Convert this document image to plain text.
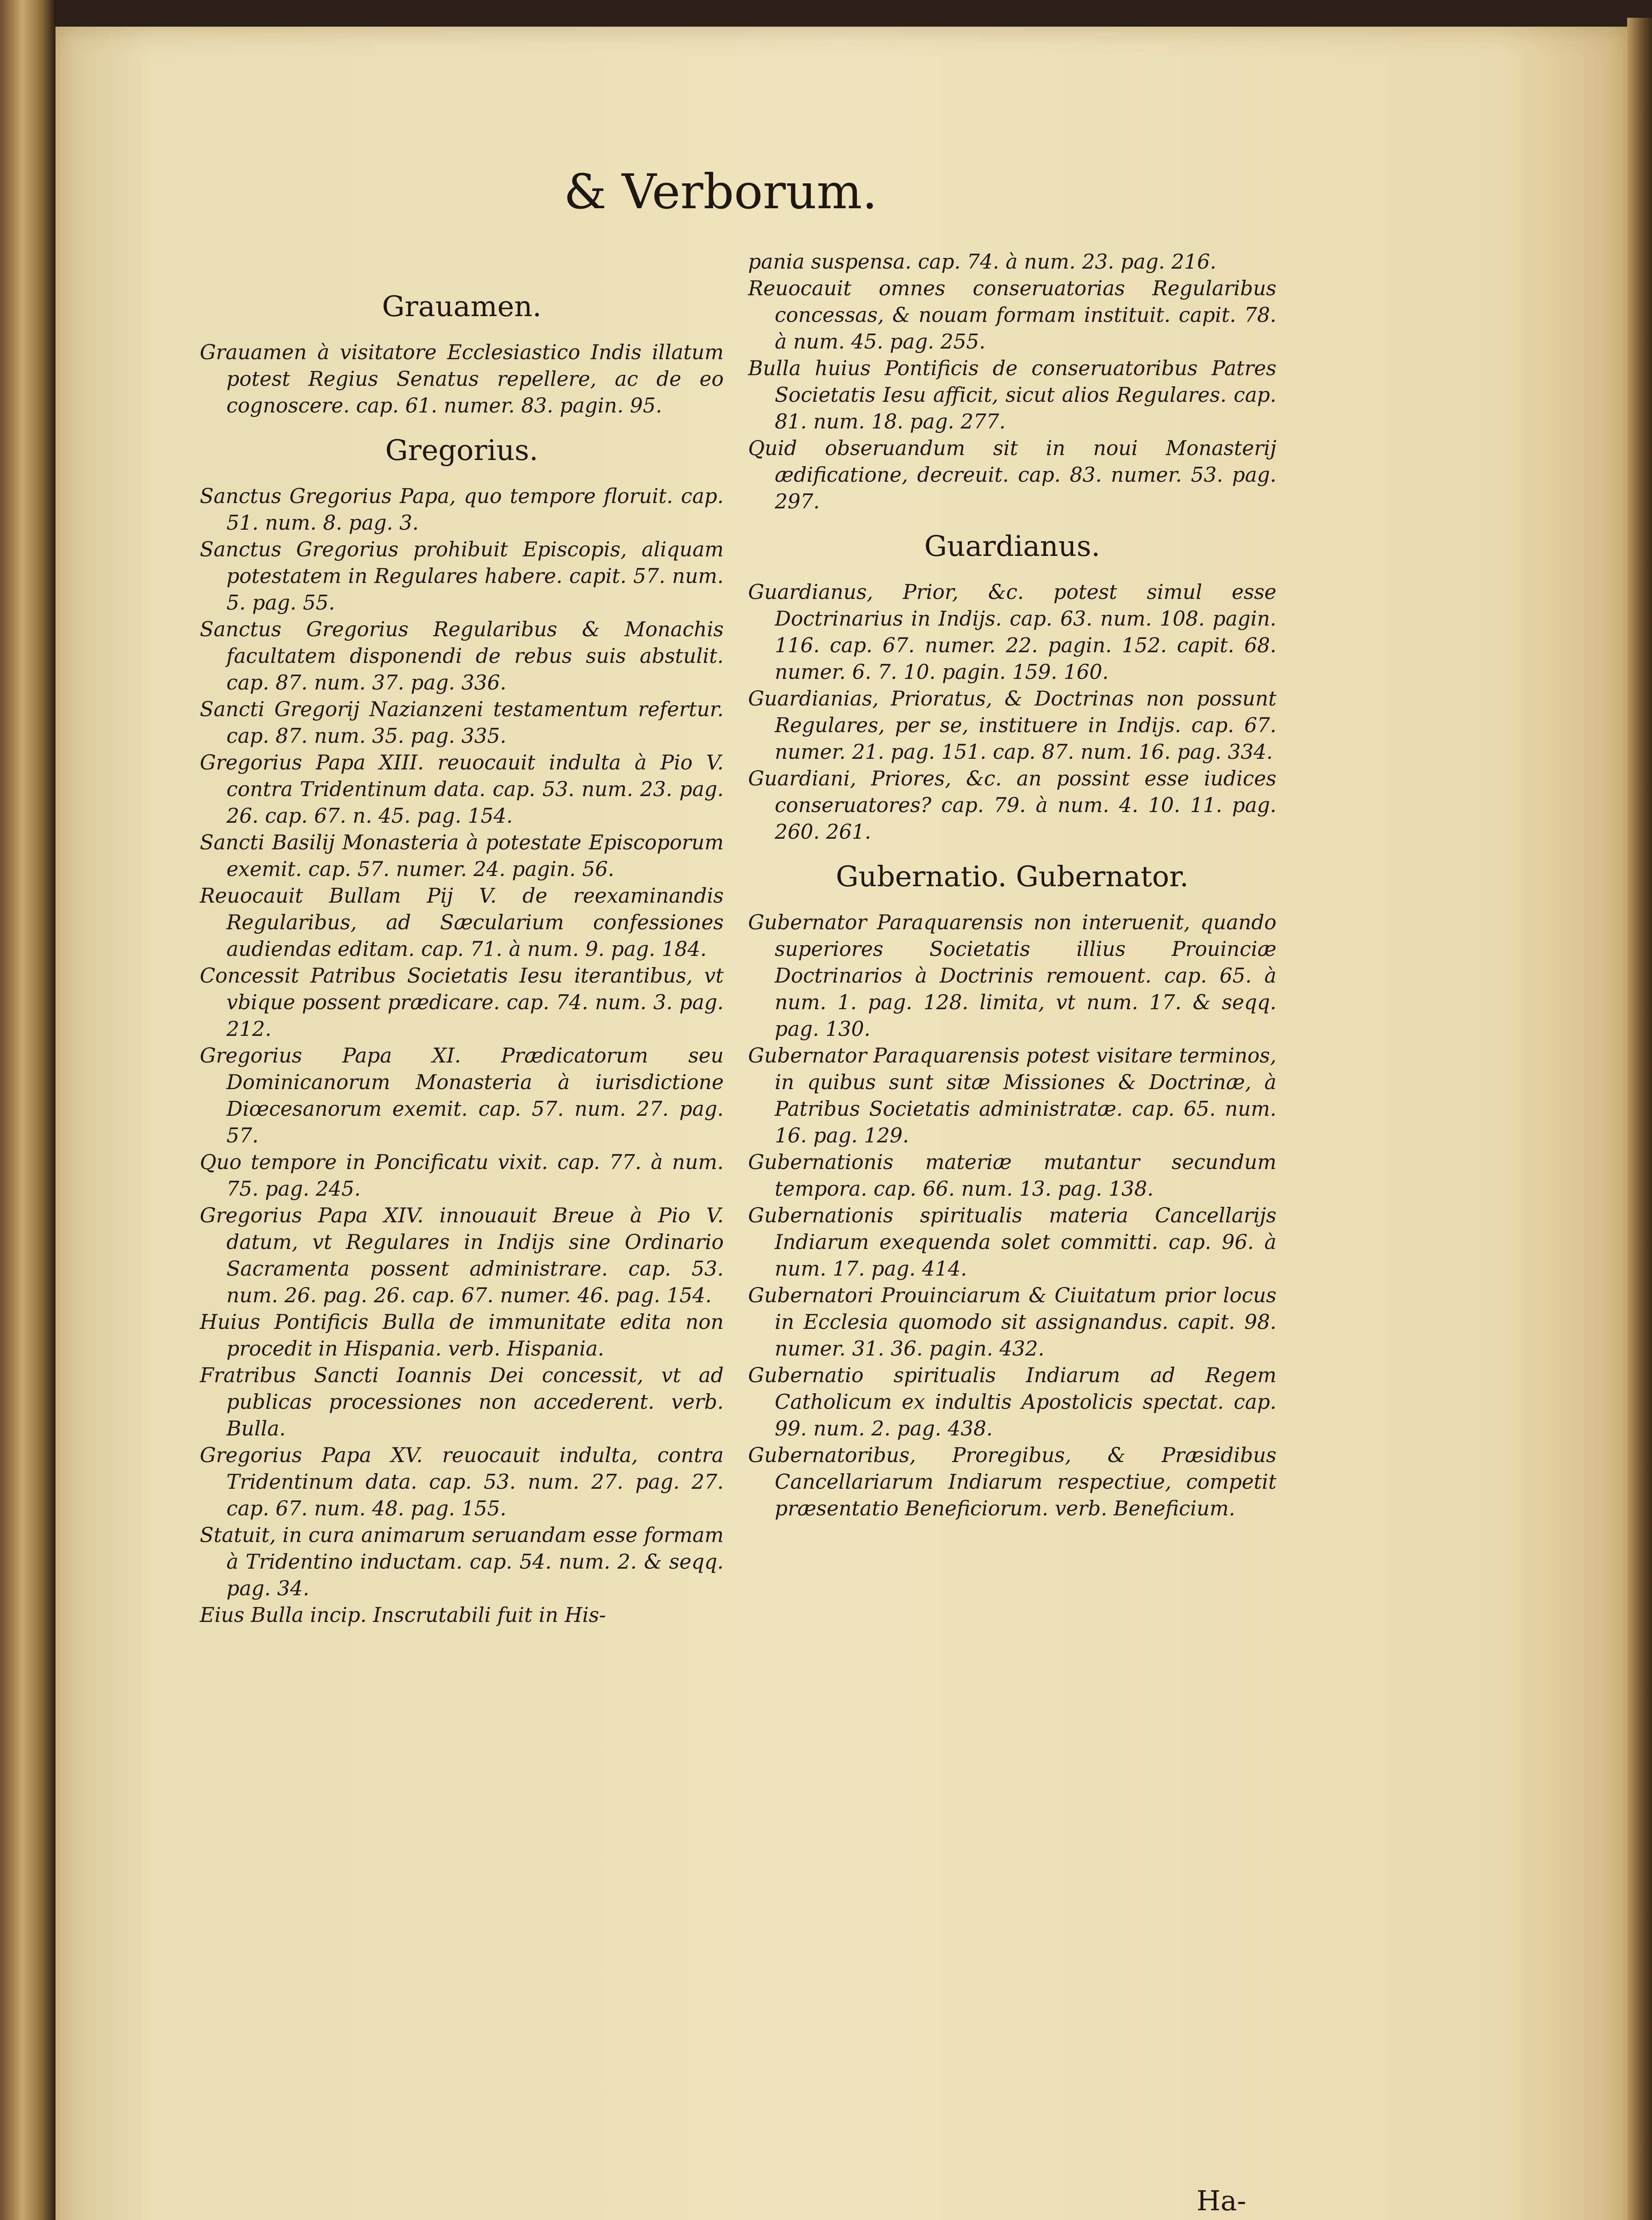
& Verborum.
Grauamen.

Grauamen à visitatore Ecclesiastico Indis illatum potest Regius Senatus repellere, ac de eo cognoscere. cap. 61. numer. 83. pagin. 95.

Gregorius.

Sanctus Gregorius Papa, quo tempore floruit. cap. 51. num. 8. pag. 3.

Sanctus Gregorius prohibuit Episcopis, aliquam potestatem in Regulares habere. capit. 57. num. 5. pag. 55.

Sanctus Gregorius Regularibus & Monachis facultatem disponendi de rebus suis abstulit. cap. 87. num. 37. pag. 336.

Sancti Gregorij Nazianzeni testamentum refertur. cap. 87. num. 35. pag. 335.

Gregorius Papa XIII. reuocauit indulta à Pio V. contra Tridentinum data. cap. 53. num. 23. pag. 26. cap. 67. n. 45. pag. 154.

Sancti Basilij Monasteria à potestate Episcoporum exemit. cap. 57. numer. 24. pagin. 56.

Reuocauit Bullam Pij V. de reexaminandis Regularibus, ad Sæcularium confessiones audiendas editam. cap. 71. à num. 9. pag. 184.

Concessit Patribus Societatis Iesu iterantibus, vt vbique possent prædicare. cap. 74. num. 3. pag. 212.

Gregorius Papa XI. Prædicatorum seu Dominicanorum Monasteria à iurisdictione Diœcesanorum exemit. cap. 57. num. 27. pag. 57.

Quo tempore in Poncificatu vixit. cap. 77. à num. 75. pag. 245.

Gregorius Papa XIV. innouauit Breue à Pio V. datum, vt Regulares in Indijs sine Ordinario Sacramenta possent administrare. cap. 53. num. 26. pag. 26. cap. 67. numer. 46. pag. 154.

Huius Pontificis Bulla de immunitate edita non procedit in Hispania. verb. Hispania.

Fratribus Sancti Ioannis Dei concessit, vt ad publicas processiones non accederent. verb. Bulla.

Gregorius Papa XV. reuocauit indulta, contra Tridentinum data. cap. 53. num. 27. pag. 27. cap. 67. num. 48. pag. 155.

Statuit, in cura animarum seruandam esse formam à Tridentino inductam. cap. 54. num. 2. & seqq. pag. 34.

Eius Bulla incip. Inscrutabili fuit in His-

pania suspensa. cap. 74. à num. 23. pag. 216.

Reuocauit omnes conseruatorias Regularibus concessas, & nouam formam instituit. capit. 78. à num. 45. pag. 255.

Bulla huius Pontificis de conseruatoribus Patres Societatis Iesu afficit, sicut alios Regulares. cap. 81. num. 18. pag. 277.

Quid obseruandum sit in noui Monasterij ædificatione, decreuit. cap. 83. numer. 53. pag. 297.

Guardianus.

Guardianus, Prior, &c. potest simul esse Doctrinarius in Indijs. cap. 63. num. 108. pagin. 116. cap. 67. numer. 22. pagin. 152. capit. 68. numer. 6. 7. 10. pagin. 159. 160.

Guardianias, Prioratus, & Doctrinas non possunt Regulares, per se, instituere in Indijs. cap. 67. numer. 21. pag. 151. cap. 87. num. 16. pag. 334.

Guardiani, Priores, &c. an possint esse iudices conseruatores? cap. 79. à num. 4. 10. 11. pag. 260. 261.

Gubernatio. Gubernator.

Gubernator Paraquarensis non interuenit, quando superiores Societatis illius Prouinciæ Doctrinarios à Doctrinis remouent. cap. 65. à num. 1. pag. 128. limita, vt num. 17. & seqq. pag. 130.

Gubernator Paraquarensis potest visitare terminos, in quibus sunt sitæ Missiones & Doctrinæ, à Patribus Societatis administratæ. cap. 65. num. 16. pag. 129.

Gubernationis materiæ mutantur secundum tempora. cap. 66. num. 13. pag. 138.

Gubernationis spiritualis materia Cancellarijs Indiarum exequenda solet committi. cap. 96. à num. 17. pag. 414.

Gubernatori Prouinciarum & Ciuitatum prior locus in Ecclesia quomodo sit assignandus. capit. 98. numer. 31. 36. pagin. 432.

Gubernatio spiritualis Indiarum ad Regem Catholicum ex indultis Apostolicis spectat. cap. 99. num. 2. pag. 438.

Gubernatoribus, Proregibus, & Præsidibus Cancellariarum Indiarum respectiue, competit præsentatio Beneficiorum. verb. Beneficium.

Ha-
